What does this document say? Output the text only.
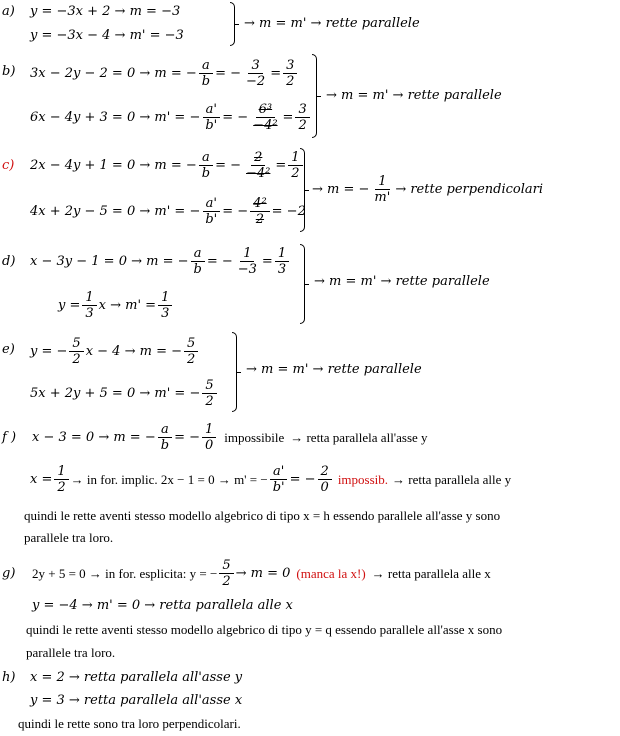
a) y = −3x + 2 → m = −3
y = −3x − 4 → m' = −3
→ m = m' → rette parallele
b) 3x − 2y − 2 = 0 → m = − $\frac{a}{b}$ = − $\frac{3}{-2} = \frac{3}{2}$
6x − 4y + 3 = 0 → m' = − $\frac{a'}{b'}$ = − $\frac{\text{6³}}{\text{−4²}} = \frac{3}{2}$
→ m = m' → rette parallele
c) 2x − 4y + 1 = 0 → m = − $\frac{a}{b}$ = − $\frac{2}{\text{−4²}} = \frac{1}{2}$
4x + 2y − 5 = 0 → m' = − $\frac{a'}{b'}$ = − $\frac{\text{4²}}{2} = -2$
→ m = − $\frac{1}{m'}$ → rette perpendicolari
d) x − 3y − 1 = 0 → m = − $\frac{a}{b}$ = − $\frac{1}{-3} = \frac{1}{3}$
$y = \frac{1}{3}$ $x \to m' = \frac{1}{3}$
→ m = m' → rette parallele
e) y = − $\frac{5}{2}$ x − 4 → m = − $\frac{5}{2}$
5x + 2y + 5 = 0 → m' = − $\frac{5}{2}$
→ m = m' → rette parallele
f ) x − 3 = 0 → m = − $\frac{a}{b}$ = − $\frac{1}{0}$ impossibile → retta parallela all'asse y
$x = \frac{1}{2}$ → in for. implic. 2x − 1 = 0 → m' = − $\frac{a'}{b'}$ = − $\frac{2}{0}$ impossib. → retta parallela alle y
quindi le rette aventi stesso modello algebrico di tipo x = h essendo parallele all'asse y sono
parallele tra loro.
g) 2y + 5 = 0 → in for. esplicita: y = − $\frac{5}{2} \to m = 0$ (manca la x!) → retta parallela alle x
y = −4 → m' = 0 → retta parallela alle x
quindi le rette aventi stesso modello algebrico di tipo y = q essendo parallele all'asse x sono
parallele tra loro.
h) x = 2 → retta parallela all'asse y
y = 3 → retta parallela all'asse x
quindi le rette sono tra loro perpendicolari.
